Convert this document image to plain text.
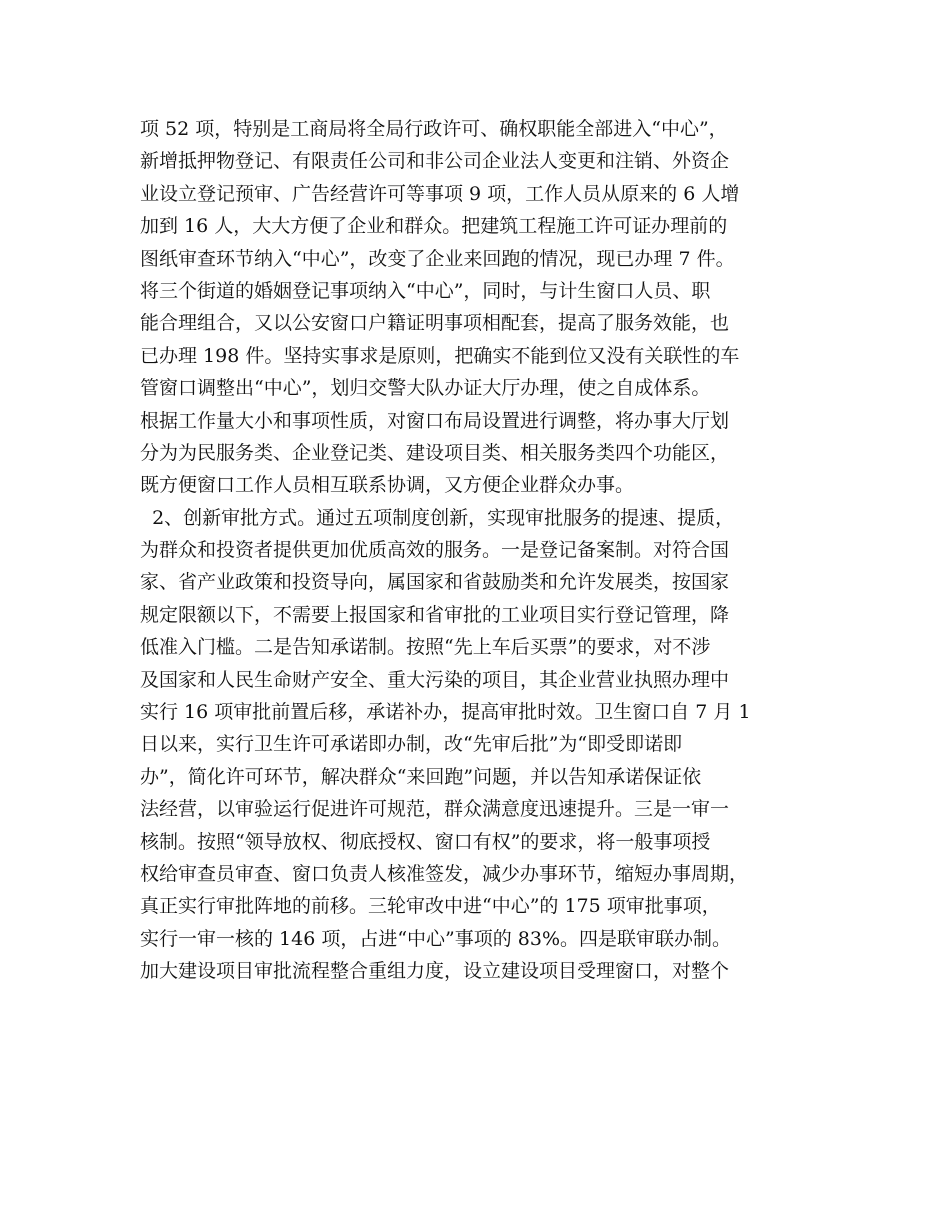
项 52 项，特别是工商局将全局行政许可、确权职能全部进入“中心”，
新增抵押物登记、有限责任公司和非公司企业法人变更和注销、外资企
业设立登记预审、广告经营许可等事项 9 项，工作人员从原来的 6 人增
加到 16 人，大大方便了企业和群众。把建筑工程施工许可证办理前的
图纸审查环节纳入“中心”，改变了企业来回跑的情况，现已办理 7 件。
将三个街道的婚姻登记事项纳入“中心”，同时，与计生窗口人员、职
能合理组合，又以公安窗口户籍证明事项相配套，提高了服务效能，也
已办理 198 件。坚持实事求是原则，把确实不能到位又没有关联性的车
管窗口调整出“中心”，划归交警大队办证大厅办理，使之自成体系。
根据工作量大小和事项性质，对窗口布局设置进行调整，将办事大厅划
分为为民服务类、企业登记类、建设项目类、相关服务类四个功能区，
既方便窗口工作人员相互联系协调，又方便企业群众办事。
2、创新审批方式。通过五项制度创新，实现审批服务的提速、提质，
为群众和投资者提供更加优质高效的服务。一是登记备案制。对符合国
家、省产业政策和投资导向，属国家和省鼓励类和允许发展类，按国家
规定限额以下，不需要上报国家和省审批的工业项目实行登记管理，降
低准入门槛。二是告知承诺制。按照“先上车后买票”的要求，对不涉
及国家和人民生命财产安全、重大污染的项目，其企业营业执照办理中
实行 16 项审批前置后移，承诺补办，提高审批时效。卫生窗口自 7 月 1
日以来，实行卫生许可承诺即办制，改“先审后批”为“即受即诺即
办”，简化许可环节，解决群众“来回跑”问题，并以告知承诺保证依
法经营，以审验运行促进许可规范，群众满意度迅速提升。三是一审一
核制。按照“领导放权、彻底授权、窗口有权”的要求，将一般事项授
权给审查员审查、窗口负责人核准签发，减少办事环节，缩短办事周期，
真正实行审批阵地的前移。三轮审改中进“中心”的 175 项审批事项，
实行一审一核的 146 项，占进“中心”事项的 83%。四是联审联办制。
加大建设项目审批流程整合重组力度，设立建设项目受理窗口，对整个
